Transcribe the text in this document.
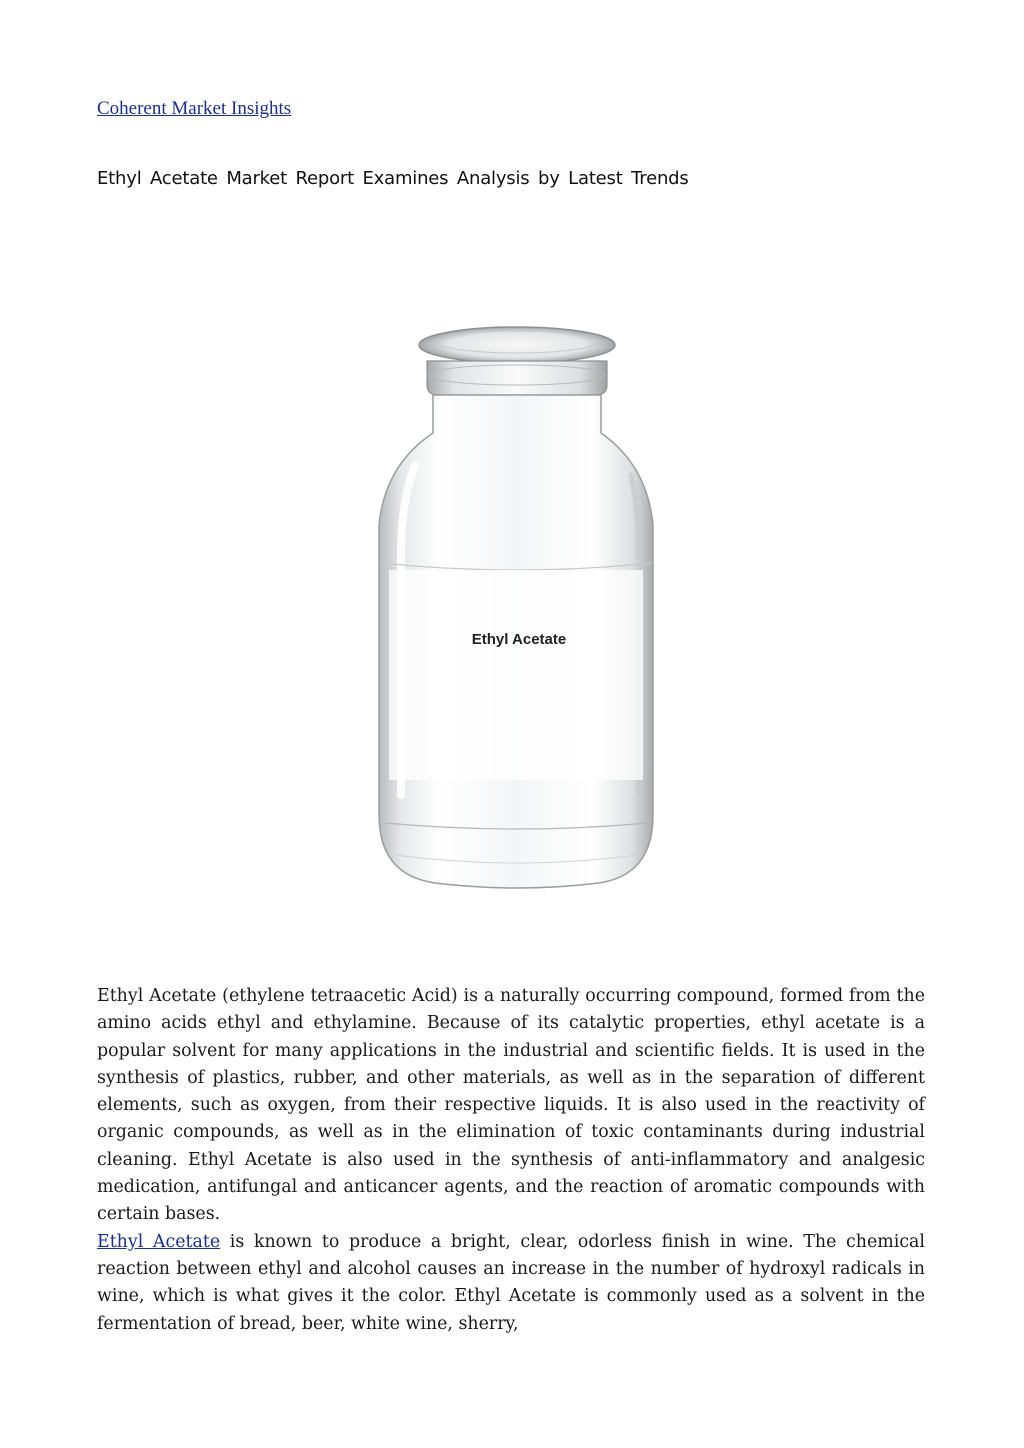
Coherent Market Insights
Ethyl Acetate Market Report Examines Analysis by Latest Trends
Ethyl Acetate

Ethyl Acetate (ethylene tetraacetic Acid) is a naturally occurring compound, formed from the amino acids ethyl and ethylamine. Because of its catalytic properties, ethyl acetate is a popular solvent for many applications in the industrial and scientific fields. It is used in the synthesis of plastics, rubber, and other materials, as well as in the separation of different elements, such as oxygen, from their respective liquids. It is also used in the reactivity of organic compounds, as well as in the elimination of toxic contaminants during industrial cleaning. Ethyl Acetate is also used in the synthesis of anti-inflammatory and analgesic medication, antifungal and anticancer agents, and the reaction of aromatic compounds with certain bases.

Ethyl Acetate is known to produce a bright, clear, odorless finish in wine. The chemical reaction between ethyl and alcohol causes an increase in the number of hydroxyl radicals in wine, which is what gives it the color. Ethyl Acetate is commonly used as a solvent in the fermentation of bread, beer, white wine, sherry,
